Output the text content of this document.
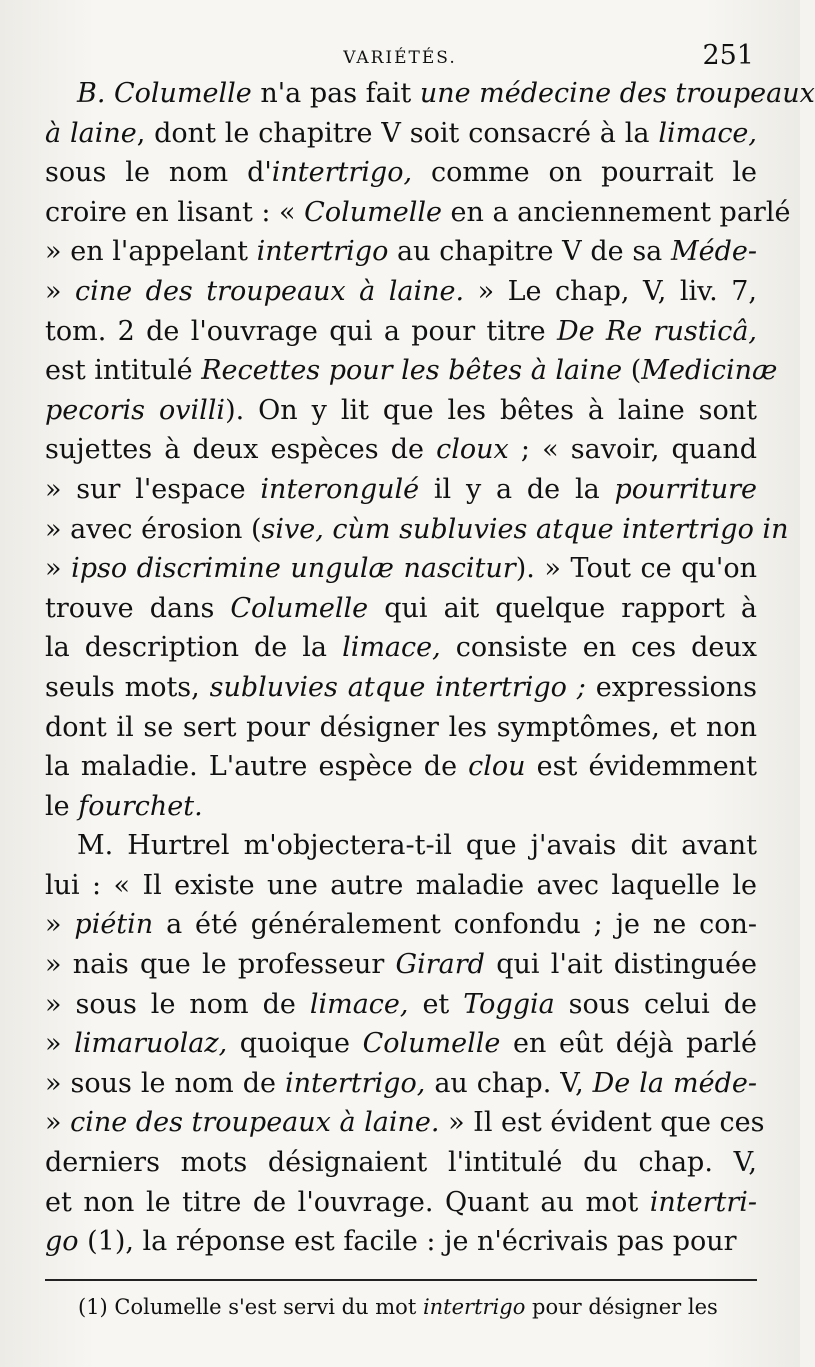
VARIÉTÉS.	251
B. Columelle n'a pas fait une médecine des troupeaux
à laine, dont le chapitre V soit consacré à la limace,
sous le nom d'intertrigo, comme on pourrait le
croire en lisant : « Columelle en a anciennement parlé
» en l'appelant intertrigo au chapitre V de sa Méde-
» cine des troupeaux à laine. » Le chap, V, liv. 7,
tom. 2 de l'ouvrage qui a pour titre De Re rusticâ,
est intitulé Recettes pour les bêtes à laine (Medicinæ
pecoris ovilli). On y lit que les bêtes à laine sont
sujettes à deux espèces de cloux ; « savoir, quand
» sur l'espace interongulé il y a de la pourriture
» avec érosion (sive, cùm subluvies atque intertrigo in
» ipso discrimine ungulæ nascitur). » Tout ce qu'on
trouve dans Columelle qui ait quelque rapport à
la description de la limace, consiste en ces deux
seuls mots, subluvies atque intertrigo ; expressions
dont il se sert pour désigner les symptômes, et non
la maladie. L'autre espèce de clou est évidemment
le fourchet.
M. Hurtrel m'objectera-t-il que j'avais dit avant
lui : « Il existe une autre maladie avec laquelle le
» piétin a été généralement confondu ; je ne con-
» nais que le professeur Girard qui l'ait distinguée
» sous le nom de limace, et Toggia sous celui de
» limaruolaz, quoique Columelle en eût déjà parlé
» sous le nom de intertrigo, au chap. V, De la méde-
» cine des troupeaux à laine. » Il est évident que ces
derniers mots désignaient l'intitulé du chap. V,
et non le titre de l'ouvrage. Quant au mot intertri-
go (1), la réponse est facile : je n'écrivais pas pour
(1) Columelle s'est servi du mot intertrigo pour désigner les
